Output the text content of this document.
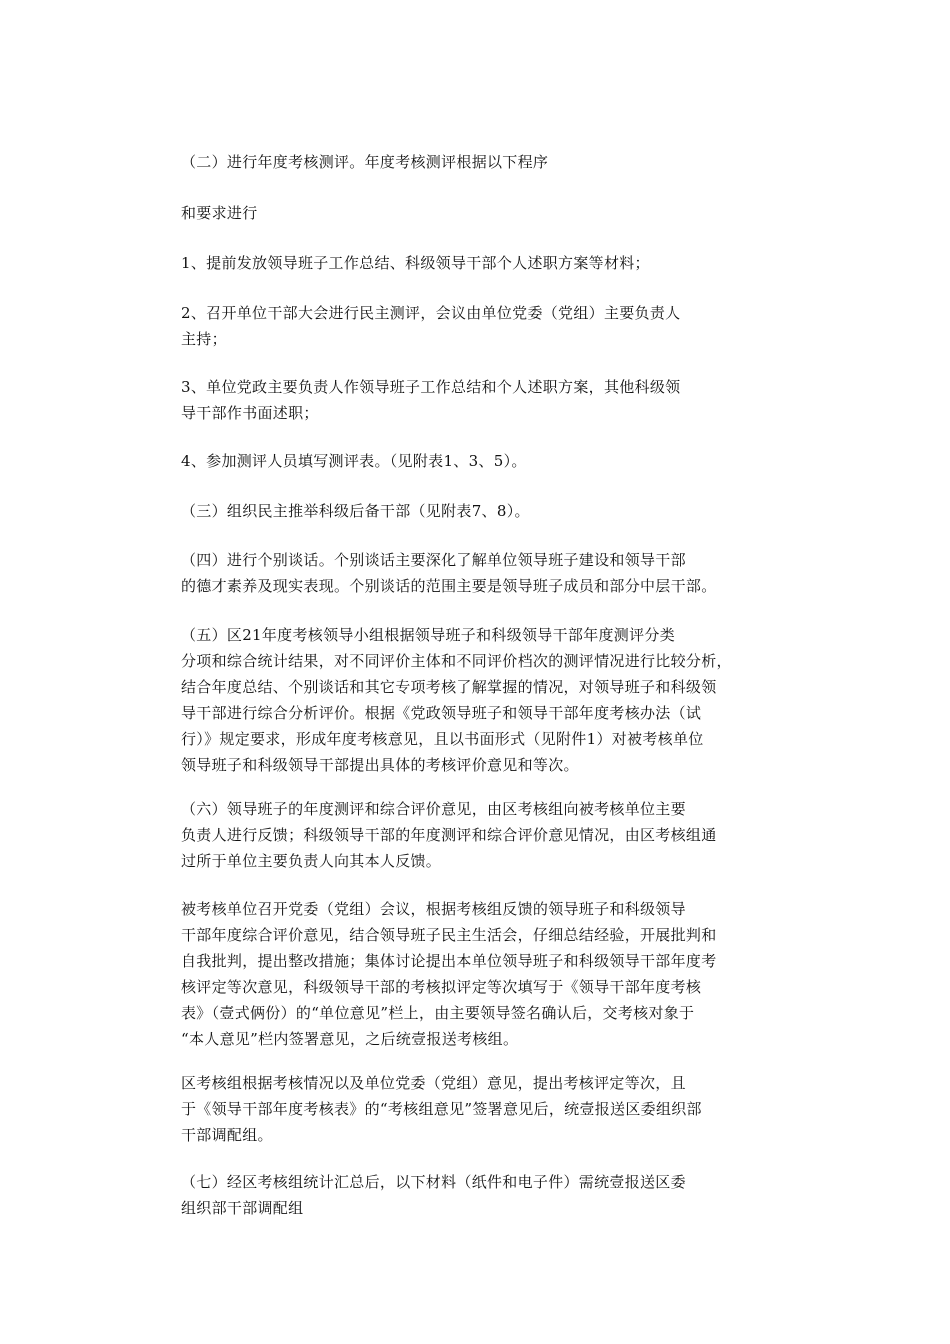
（二）进行年度考核测评。年度考核测评根据以下程序
和要求进行
1、提前发放领导班子工作总结、科级领导干部个人述职方案等材料；
2、召开单位干部大会进行民主测评，会议由单位党委（党组）主要负责人
主持；
3、单位党政主要负责人作领导班子工作总结和个人述职方案，其他科级领
导干部作书面述职；
4、参加测评人员填写测评表。（见附表1、3、5）。
（三）组织民主推举科级后备干部（见附表7、8）。
（四）进行个别谈话。个别谈话主要深化了解单位领导班子建设和领导干部
的德才素养及现实表现。个别谈话的范围主要是领导班子成员和部分中层干部。
（五）区21年度考核领导小组根据领导班子和科级领导干部年度测评分类
分项和综合统计结果，对不同评价主体和不同评价档次的测评情况进行比较分析，
结合年度总结、个别谈话和其它专项考核了解掌握的情况，对领导班子和科级领
导干部进行综合分析评价。根据《党政领导班子和领导干部年度考核办法（试
行）》规定要求，形成年度考核意见，且以书面形式（见附件1）对被考核单位
领导班子和科级领导干部提出具体的考核评价意见和等次。
（六）领导班子的年度测评和综合评价意见，由区考核组向被考核单位主要
负责人进行反馈；科级领导干部的年度测评和综合评价意见情况，由区考核组通
过所于单位主要负责人向其本人反馈。
被考核单位召开党委（党组）会议，根据考核组反馈的领导班子和科级领导
干部年度综合评价意见，结合领导班子民主生活会，仔细总结经验，开展批判和
自我批判，提出整改措施；集体讨论提出本单位领导班子和科级领导干部年度考
核评定等次意见，科级领导干部的考核拟评定等次填写于《领导干部年度考核
表》（壹式俩份）的“单位意见”栏上，由主要领导签名确认后，交考核对象于
“本人意见”栏内签署意见，之后统壹报送考核组。
区考核组根据考核情况以及单位党委（党组）意见，提出考核评定等次，且
于《领导干部年度考核表》的“考核组意见”签署意见后，统壹报送区委组织部
干部调配组。
（七）经区考核组统计汇总后，以下材料（纸件和电子件）需统壹报送区委
组织部干部调配组
